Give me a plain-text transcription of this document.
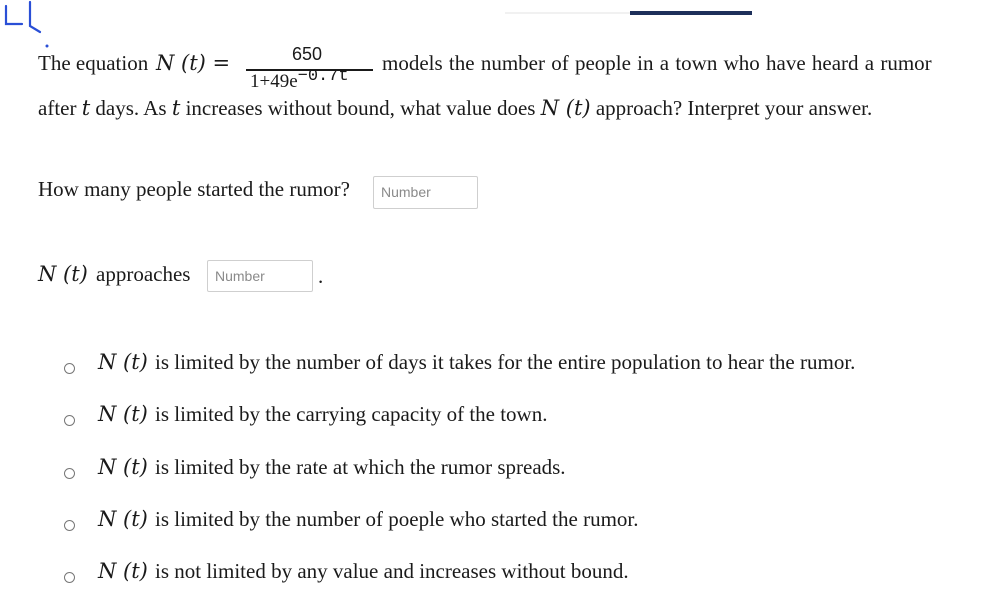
The equation N (t) =	650
1+49e−0.7t
models the number of people in a town who have heard a rumor
after t days. As t increases without bound, what value does N (t) approach? Interpret your answer.
How many people started the rumor?	Number
N (t) approaches	Number	.
N (t) is limited by the number of days it takes for the entire population to hear the rumor.
N (t) is limited by the carrying capacity of the town.
N (t) is limited by the rate at which the rumor spreads.
N (t) is limited by the number of poeple who started the rumor.
N (t) is not limited by any value and increases without bound.
